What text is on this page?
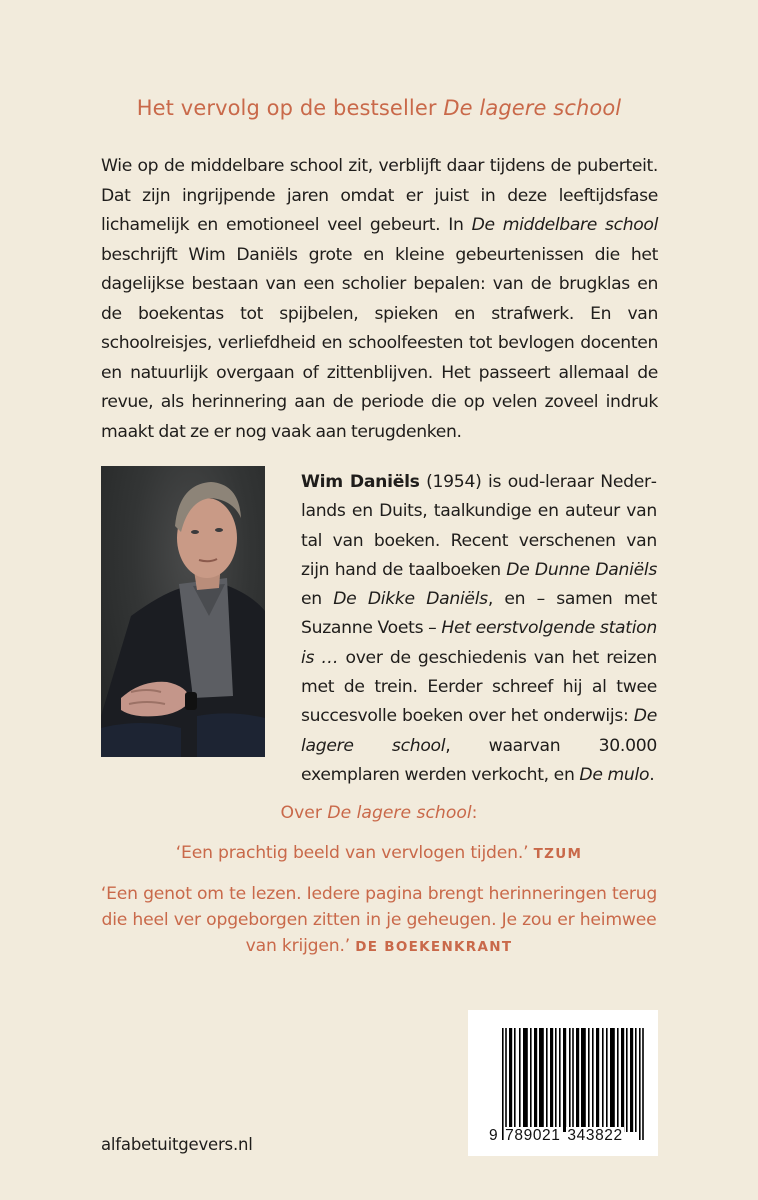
Het vervolg op de bestseller De lagere school

Wie op de middelbare school zit, verblijft daar tijdens de puberteit. Dat zijn ingrijpende jaren omdat er juist in deze leeftijdsfase lichamelijk en emotioneel veel gebeurt. In De middelbare school beschrijft Wim Daniëls grote en kleine gebeurtenissen die het dagelijkse bestaan van een scholier bepalen: van de brugklas en de boekentas tot spijbelen, spieken en strafwerk. En van schoolreisjes, verliefdheid en schoolfeesten tot bevlogen docenten en natuurlijk overgaan of zittenblijven. Het passeert allemaal de revue, als herinnering aan de periode die op velen zoveel indruk maakt dat ze er nog vaak aan terugdenken.

Wim Daniëls (1954) is oud-leraar Nederlands en Duits, taalkundige en auteur van tal van boeken. Recent verschenen van zijn hand de taalboeken De Dunne Daniëls en De Dikke Daniëls, en – samen met Suzanne Voets – Het eerstvolgende station is … over de geschiedenis van het reizen met de trein. Eerder schreef hij al twee succesvolle boeken over het onderwijs: De lagere school, waarvan 30.000 exemplaren werden verkocht, en De mulo.

Over De lagere school:

‘Een prachtig beeld van vervlogen tijden.’ TZUM

‘Een genot om te lezen. Iedere pagina brengt herinneringen terug die heel ver opgeborgen zitten in je geheugen. Je zou er heimwee van krijgen.’ DE BOEKENKRANT

9 789021 343822
alfabetuitgevers.nl
